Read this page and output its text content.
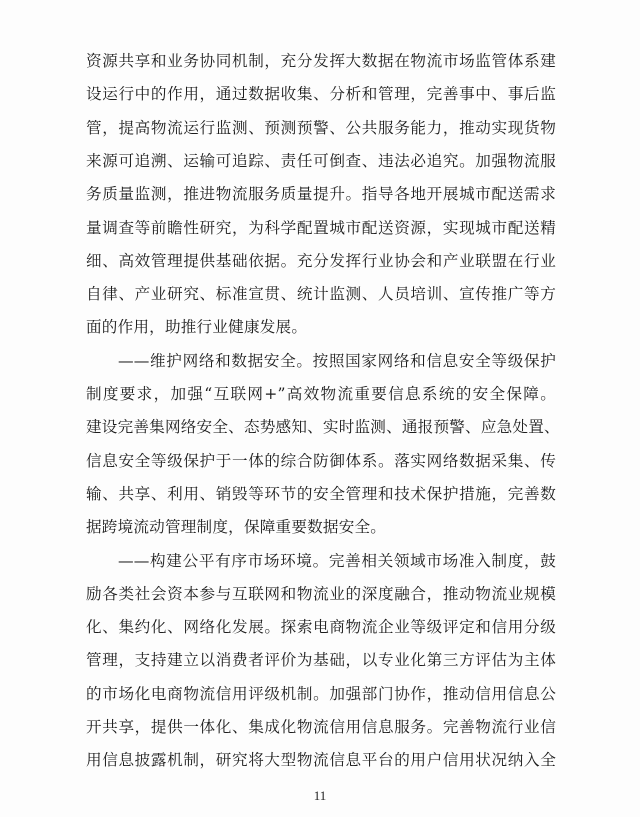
资源共享和业务协同机制，充分发挥大数据在物流市场监管体系建
设运行中的作用，通过数据收集、分析和管理，完善事中、事后监
管，提高物流运行监测、预测预警、公共服务能力，推动实现货物
来源可追溯、运输可追踪、责任可倒查、违法必追究。加强物流服
务质量监测，推进物流服务质量提升。指导各地开展城市配送需求
量调查等前瞻性研究，为科学配置城市配送资源，实现城市配送精
细、高效管理提供基础依据。充分发挥行业协会和产业联盟在行业
自律、产业研究、标准宣贯、统计监测、人员培训、宣传推广等方
面的作用，助推行业健康发展。
——维护网络和数据安全。按照国家网络和信息安全等级保护
制度要求，加强“互联网+”高效物流重要信息系统的安全保障。
建设完善集网络安全、态势感知、实时监测、通报预警、应急处置、
信息安全等级保护于一体的综合防御体系。落实网络数据采集、传
输、共享、利用、销毁等环节的安全管理和技术保护措施，完善数
据跨境流动管理制度，保障重要数据安全。
——构建公平有序市场环境。完善相关领域市场准入制度，鼓
励各类社会资本参与互联网和物流业的深度融合，推动物流业规模
化、集约化、网络化发展。探索电商物流企业等级评定和信用分级
管理，支持建立以消费者评价为基础，以专业化第三方评估为主体
的市场化电商物流信用评级机制。加强部门协作，推动信用信息公
开共享，提供一体化、集成化物流信用信息服务。完善物流行业信
用信息披露机制，研究将大型物流信息平台的用户信用状况纳入全
11
